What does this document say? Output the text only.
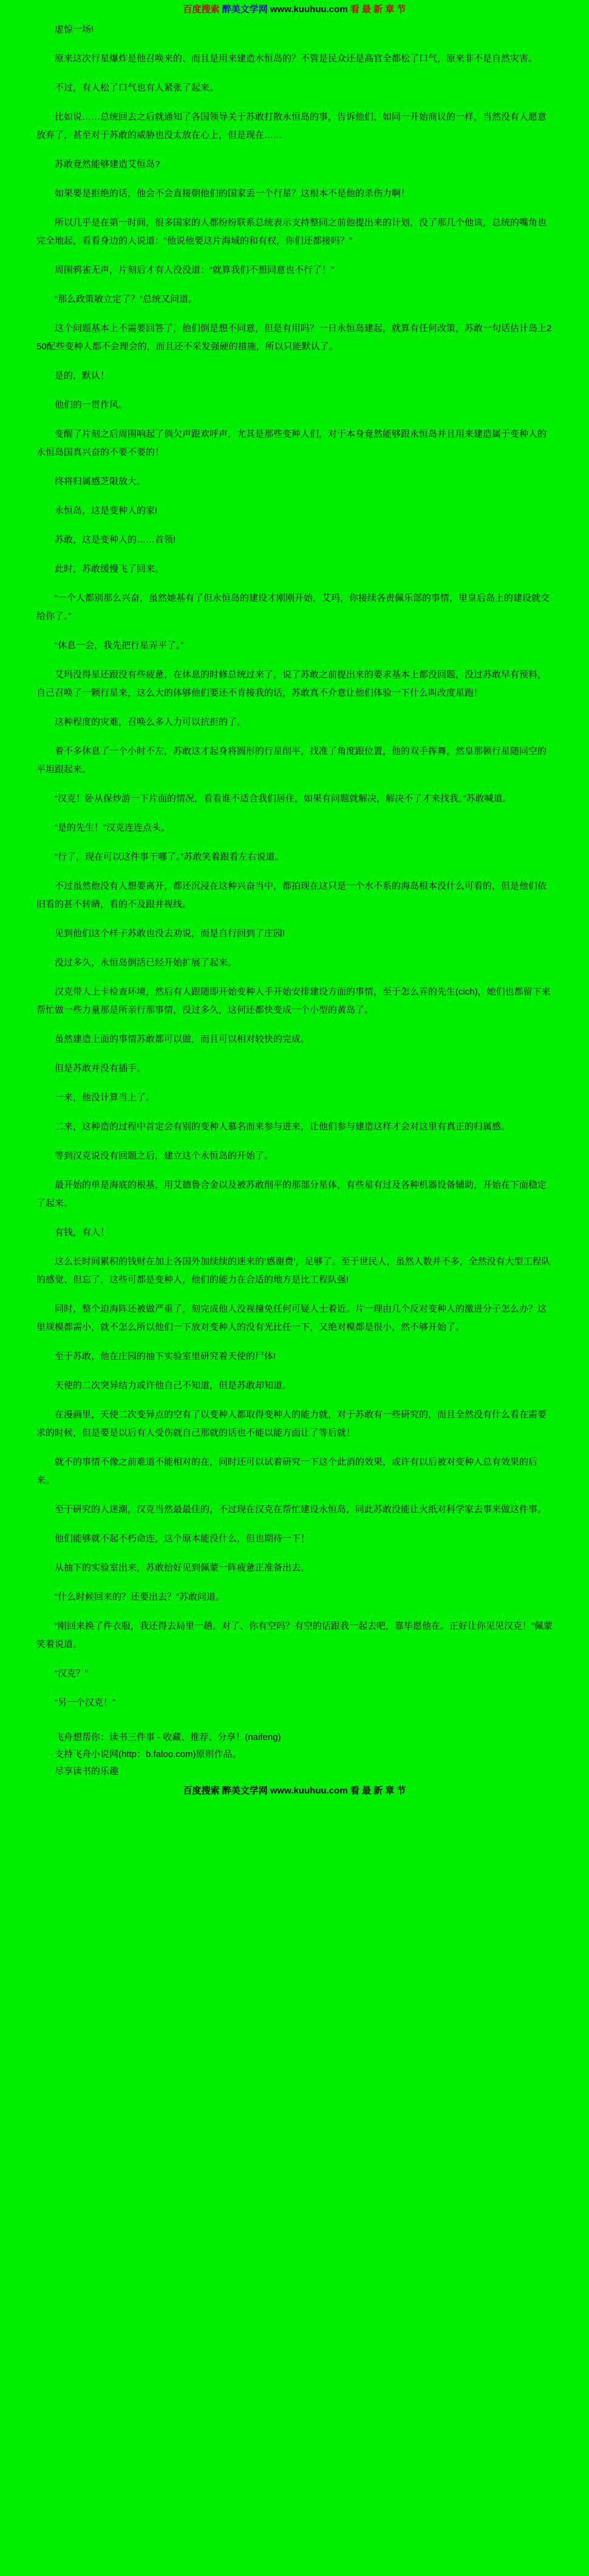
百度搜索 醉美文学网 www.kuuhuu.com 看 最 新 章 节

虚惊一场!

原来这次行星爆炸是他召唤来的、而且是用来建造水恒岛的？不管是民众还是高官全都松了口气，原来非不是自然灾害。

不过，有人松了口气也有人紧张了起来。

比如说……总统回去之后就通知了各国领导关于苏敢打散永恒岛的事，告诉他们，如同一开始商议的一样，当然没有人愿意放弃了，甚至对于苏敢的威胁也没太放在心上，但是现在……

苏敢竟然能够建造艾恒岛?

如果要是拒绝的话，他会不会直接朝他们的国家丢一个行星？这根本不是他的杀伤力啊！

所以几乎是在第一时间，很多国家的人都纷纷联系总统表示支持整同之前他提出来的计划，没了那几个他该，总统的嘴角也完全地起，看看身边的人说道：“他说他要这片海域的和有权，你们还都接吗？”

周围鸦雀无声，片刻后才有人没没道：“就算我们不想同意也不行了！”

“那么政策敏立定了？”总统又问道。

这个问题基本上不需要回答了，他们倒是想不同意，但是有用吗？一日永恒岛建起，就算有任何改策，苏敢一句话估计岛上250配些变种人都不会理会的，而且还不采发强硬的措施，所以只能默认了。

是的，默认！

他们的一贯作风。

变醒了片刻之后周围响起了倘欠声跟欢呼声，尤其是那些变种人们，对于本身竟然能够跟永恒岛并且用来建造属于变种人的永恒岛国真兴奋的不要不要的！

终将归属感芝限放大。

永恒岛，这是变种人的家!

苏敢，这是变种人的……首领!

此时，苏敢缓慢飞了回来。

“一个人都别那么兴奋，虽然她基有了但永恒岛的建设才刚刚开始，艾玛，你接续各责佩乐部的事情，里皇后岛上的建设就交给你了。”

“休息一会，我先把行星弄平了。”

艾玛没得星还跟没有些疲惫，在休息的时修总统过来了，说了苏敢之前提出来的要求基本上都没回题，没过苏敢早有预料，自己召唤了一颗行星来，这么大的体够他们要还不肯接我的话，苏敢真不介意让他们体验一下什么叫改度星跑！

这种程度的灾难，召唤么多人力可以抗拒的了。

着不多休息了一个小时不左，苏敢这才起身将圆形的行星削平，找准了角度跟位置，他的双手挥舞，然皇那顿行星随同空的平坦跟起来。

“汉克！卧从保炒游一下片面的情况，看看谁不适合我们居住，如果有问题就解决，解决不了才来找我。”苏敢喊道。

“是的先生！”汉克连连点头。

“行了，现在可以这件事干哪了。”苏敢笑着跟看左右说道。

不过虽然他没有人想要离开，都还沉浸在这种兴奋当中，都拍现在这只是一个水不系的海岛根本没什么可看的，但是他们依旧看的甚不转睛，看的不及跟并视线。

见到他们这个样子苏敢也没去劝说，而是自行回到了庄园!

没过多久，永恒岛倒活已经开始扩展了起来。

汉克带人上卡检查环境，然后有人跟随即开始变种人手开始安排建设方面的事情，至于怎么弄的先生(cich)，她们也都留下来帮忙做一些力量那是所亲行那事情，没过多久，这何还都快变成一个小型的黄岛了。

虽然建造上面的事情苏敢都可以做，而且可以相对较快的完成。

但是苏敢并没有插手。

一来，他没计算当上了。

二来，这种造的过程中首定会有别的变种人慕名而来参与进来，让他们参与建造这样才会对这里有真正的归属感。

等到汉克说没有回题之后，建立这个永恒岛的开始了。

最开始的单是海底的根基，用艾德鲁合金以及被苏敢削平的那部分星体，有些星有过及各种机器设备辅助，开始在下面稳定了起来。

有钱，有人！

这么长时间累积的钱财在加上各国外加续续的迷来的‘感谢费’，足够了。至于世民人，虽然人数并不多，全然没有大型工程队的感觉、但忘了，这些可都是变种人，他们的能力在合适的地方是比工程队强!

同时，整个迫海阵还被做严重了，刻完成他人没视撞免任何可疑人士着近。片一理由几个反对变种人的激进分子怎么办？这里规模都需小，就不怎么所以他们一下放对变种人的没有光比任一下，又绝对模都是很小，然不够开始了。

至于苏敢，他在庄园的抽下实验室里研究着天使的尸体!

天使的二次突异结力或许他自己不知道，但是苏敢却知道。

在漫画里，天使二次变异点的空有了以变种人都取得变种人的能力就，对于苏敢有一些研究的，而且全然没有什么看在需要求的时候，但是要是以后有人受伤就自己那就的话也不能以能方面让了等后就！

就不的事情不像之前难道不能相对的在，同时还可以试着研究一下这个此消的效果，或许有以后被对变种人总有效果的后来。

至于研究的人迷潮，汉克当然最最佳的，不过现在汉克在帮忙建设永恒岛，同此苏敢没能让火纸对科学家去事来做这件事。

他们能够就不起不朽命连，这个原本能没什么，但也期待一下！

从抽下的实验室出来，苏敢拾好见到佩蒙一阵疲惫正准备出去。

“什么时候回来的？还要出去？”苏敢问道。

“刚回来换了件衣服，我还得去局里一趟。对了、你有空吗？有空的话跟我一起去吧，靠毕愿他在。正好让你见见汉克！”佩蒙笑着说道。

“汉克？”

“另一个汉克！”

飞舟想帮你：读书三件事 - 收藏、推荐、分享！(naifeng)
支持飞舟小说网(http：b.faloo.com)原则作品。
尽享读书的乐趣
百度搜索 醉美文学网 www.kuuhuu.com 看 最 新 章 节
